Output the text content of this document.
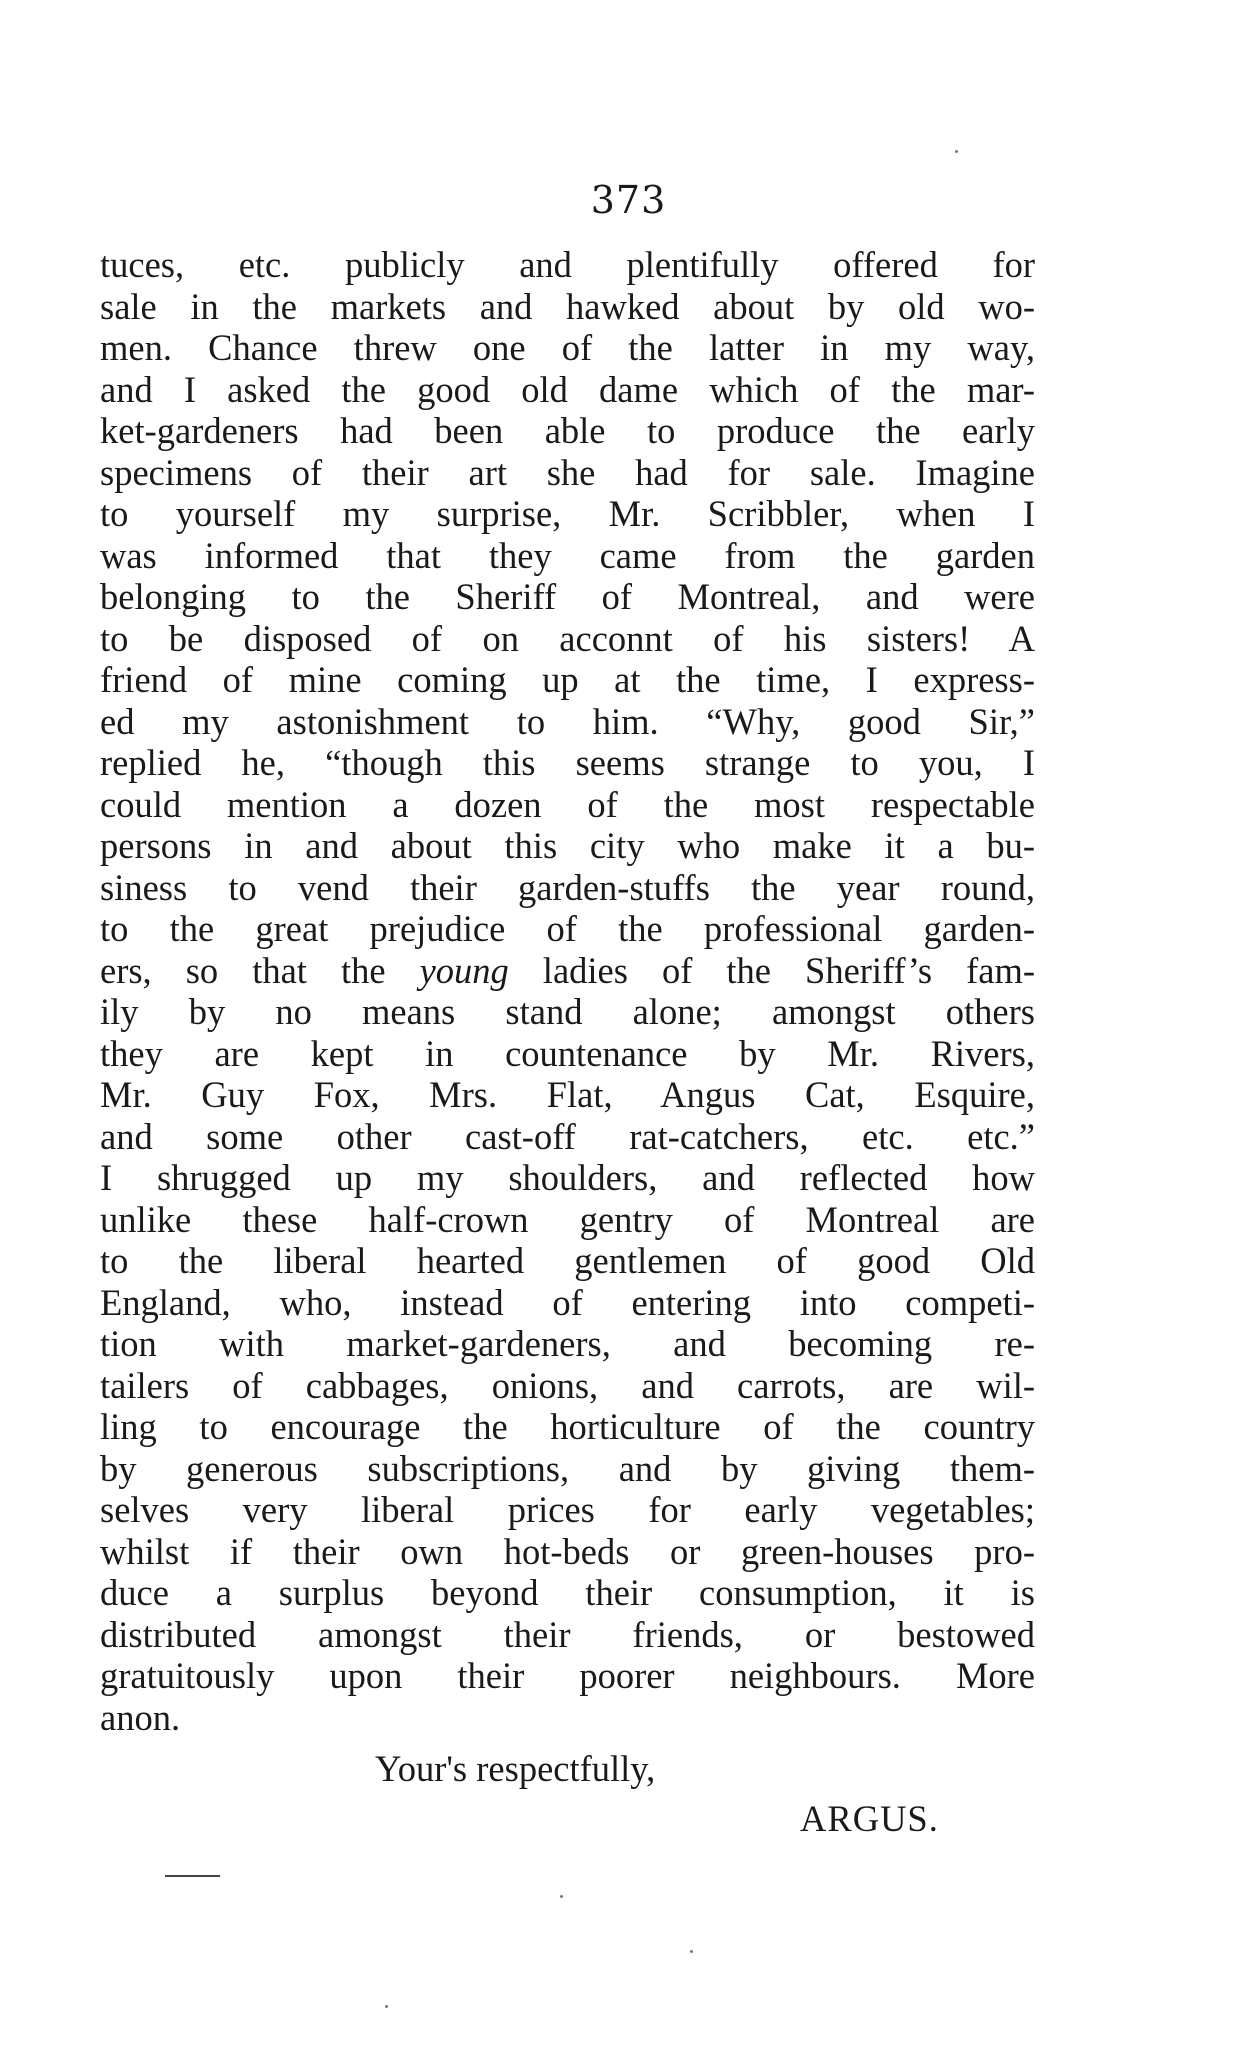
373
tuces, etc. publicly and plentifully offered for
sale in the markets and hawked about by old wo-
men. Chance threw one of the latter in my way,
and I asked the good old dame which of the mar-
ket-gardeners had been able to produce the early
specimens of their art she had for sale. Imagine
to yourself my surprise, Mr. Scribbler, when I
was informed that they came from the garden
belonging to the Sheriff of Montreal, and were
to be disposed of on acconnt of his sisters! A
friend of mine coming up at the time, I express-
ed my astonishment to him. “Why, good Sir,”
replied he, “though this seems strange to you, I
could mention a dozen of the most respectable
persons in and about this city who make it a bu-
siness to vend their garden-stuffs the year round,
to the great prejudice of the professional garden-
ers, so that the young ladies of the Sheriff’s fam-
ily by no means stand alone; amongst others
they are kept in countenance by Mr. Rivers,
Mr. Guy Fox, Mrs. Flat, Angus Cat, Esquire,
and some other cast-off rat-catchers, etc. etc.”
I shrugged up my shoulders, and reflected how
unlike these half-crown gentry of Montreal are
to the liberal hearted gentlemen of good Old
England, who, instead of entering into competi-
tion with market-gardeners, and becoming re-
tailers of cabbages, onions, and carrots, are wil-
ling to encourage the horticulture of the country
by generous subscriptions, and by giving them-
selves very liberal prices for early vegetables;
whilst if their own hot-beds or green-houses pro-
duce a surplus beyond their consumption, it is
distributed amongst their friends, or bestowed
gratuitously upon their poorer neighbours. More
anon.
Your's respectfully,
ARGUS.
